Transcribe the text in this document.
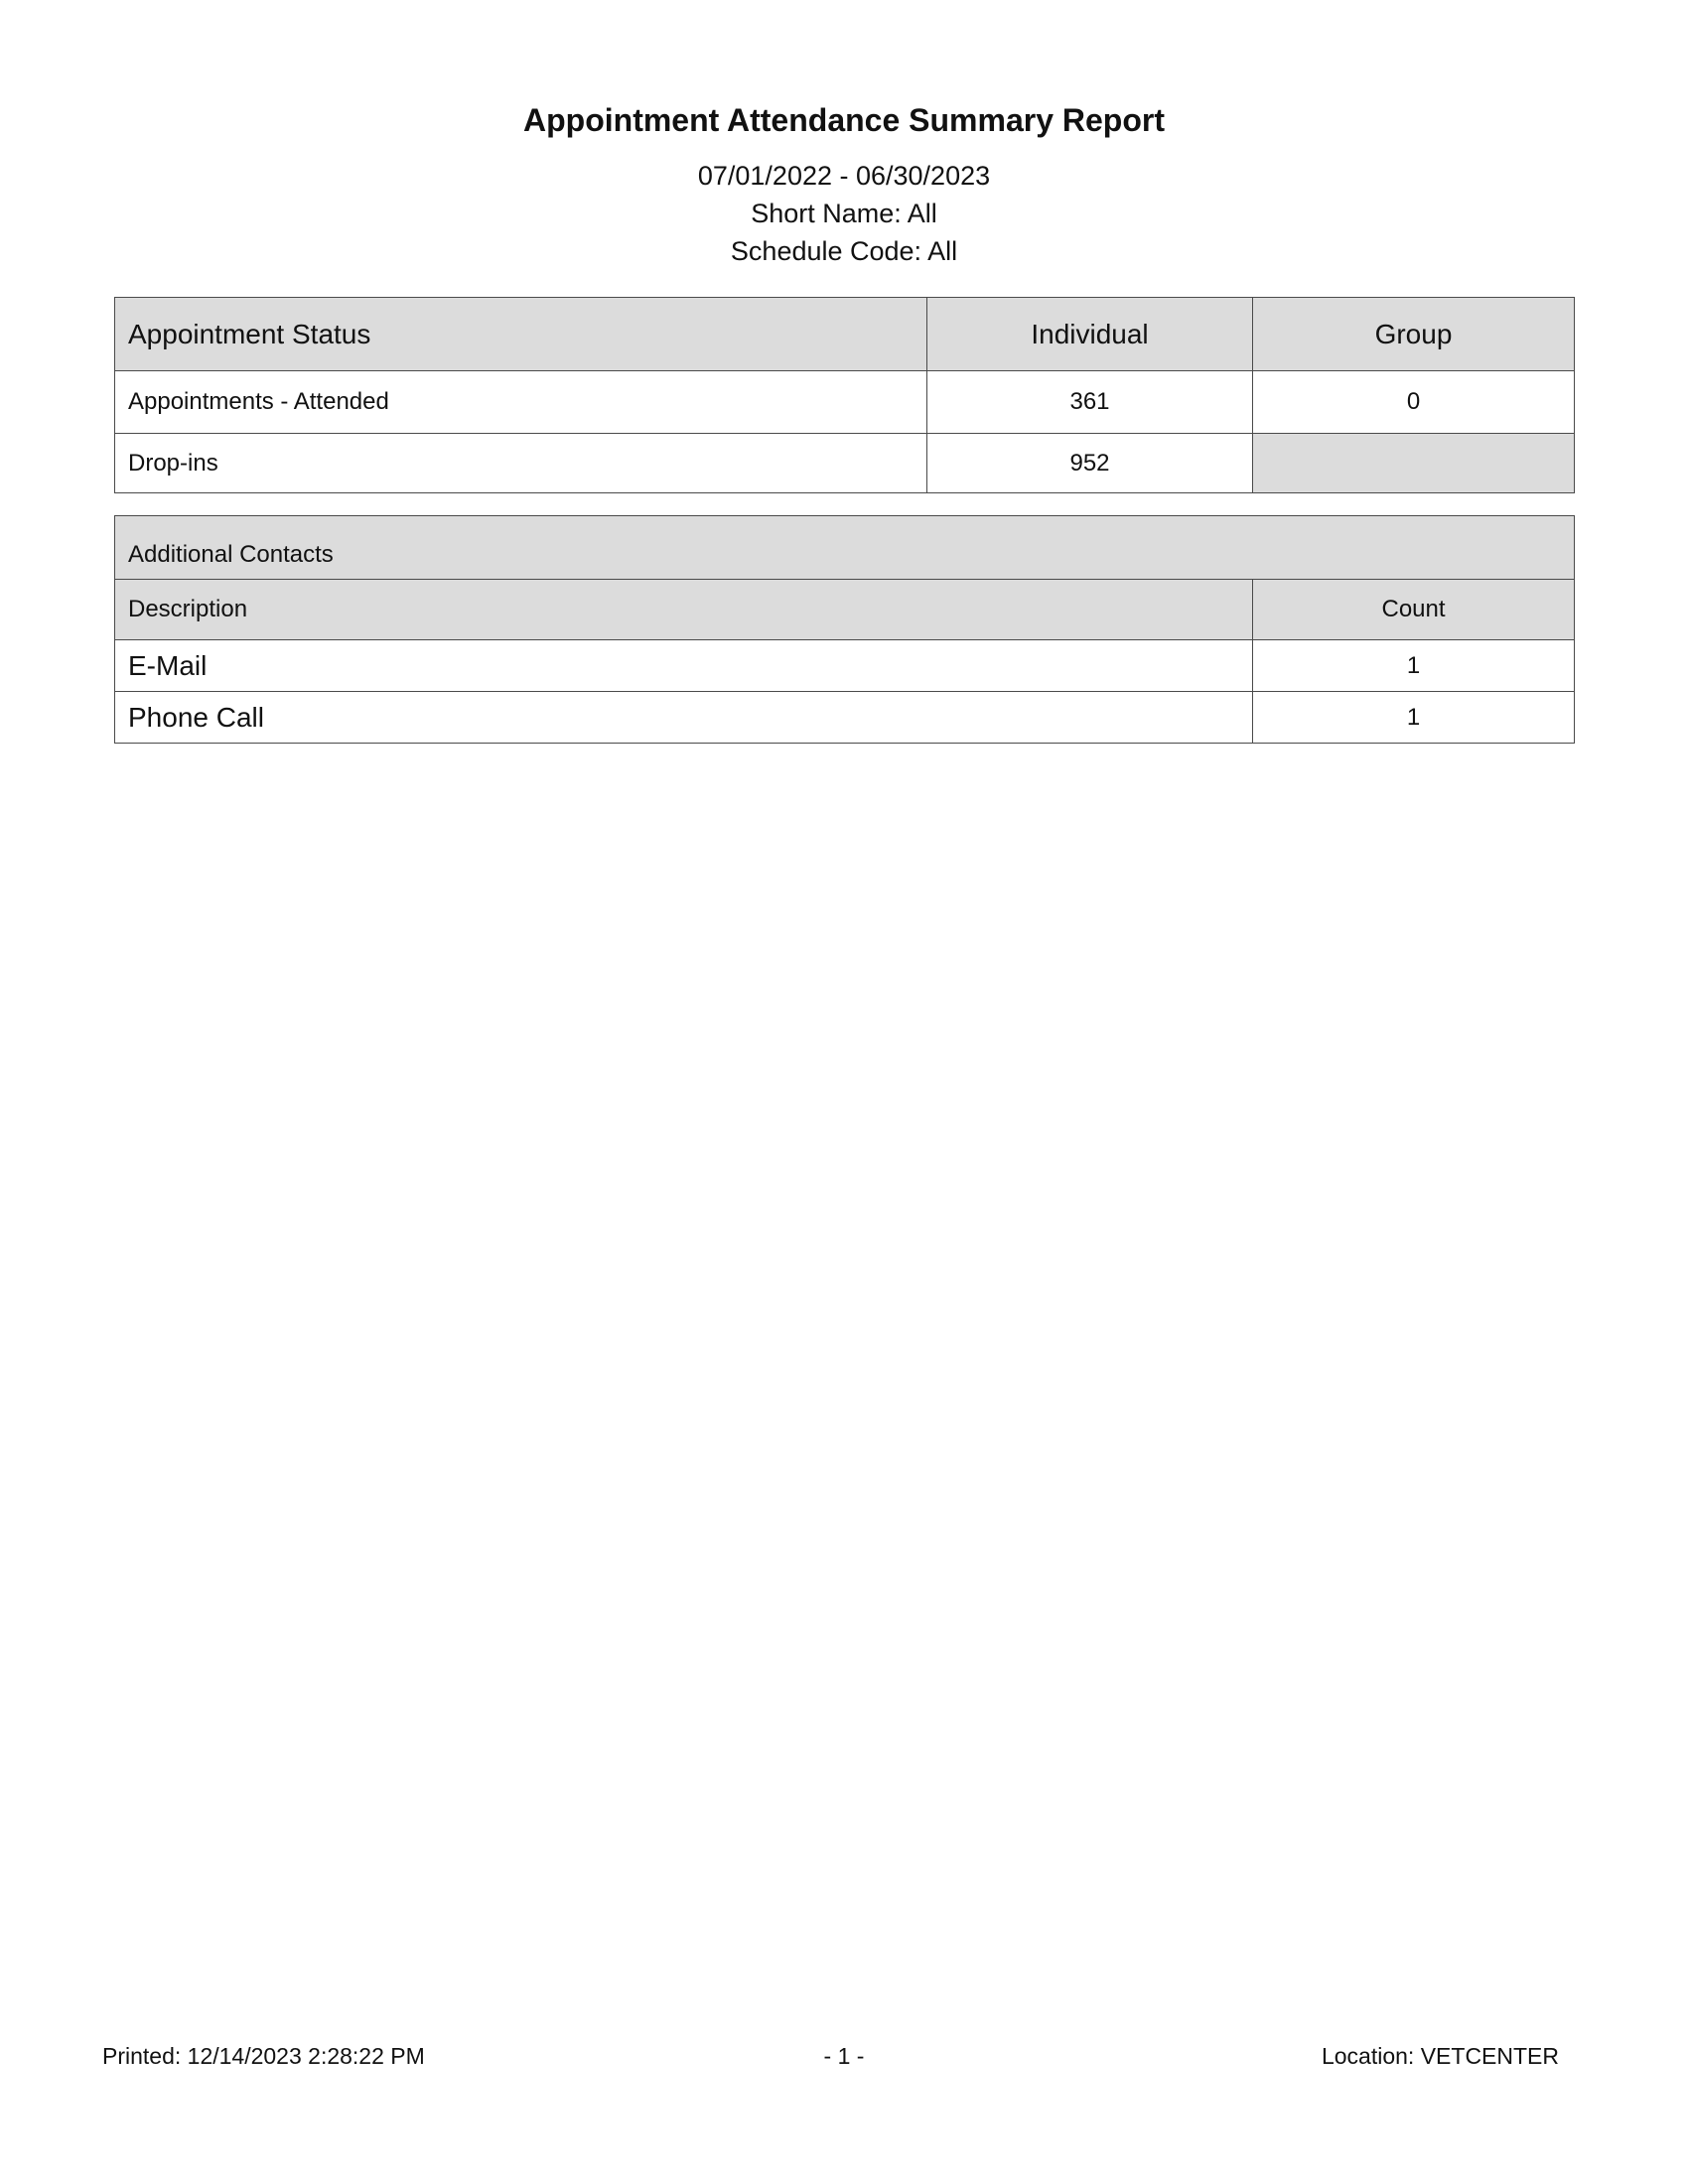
Appointment Attendance Summary Report
07/01/2022 - 06/30/2023
Short Name: All
Schedule Code: All
Appointment Status	Individual	Group
Appointments - Attended	361	0
Drop-ins	952	
Additional Contacts	
Description	Count
E-Mail	1
Phone Call	1
Printed: 12/14/2023 2:28:22 PM	- 1 -	Location: VETCENTER
